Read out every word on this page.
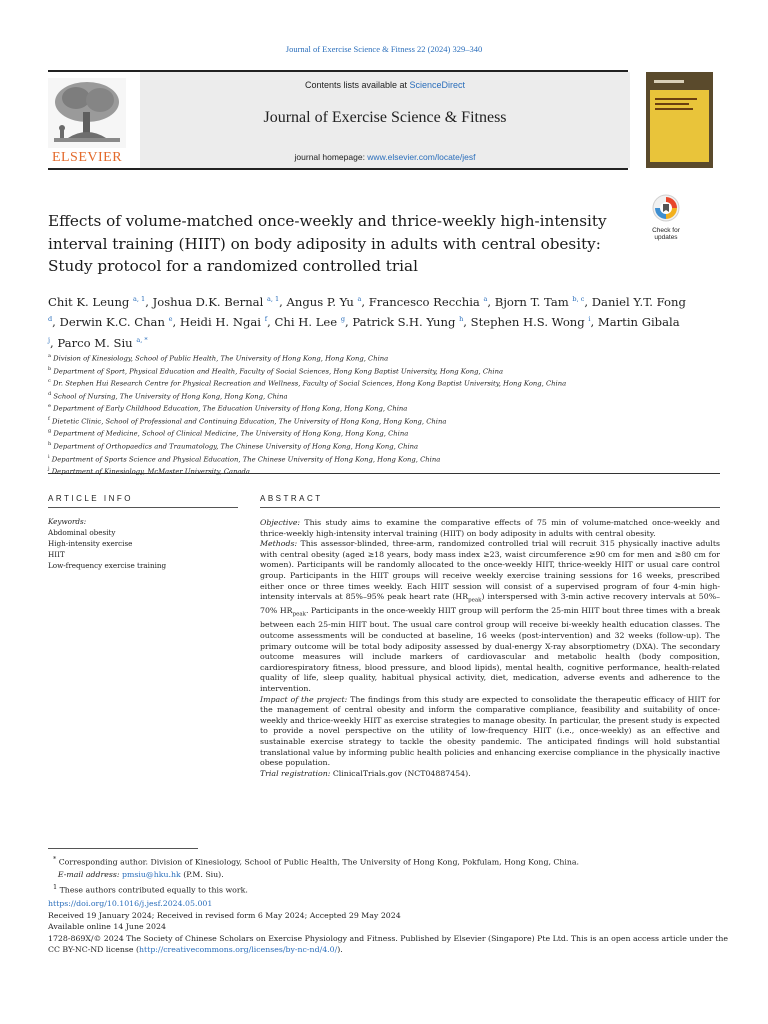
Journal of Exercise Science & Fitness 22 (2024) 329–340
Contents lists available at ScienceDirect
Journal of Exercise Science & Fitness
journal homepage: www.elsevier.com/locate/jesf
ELSEVIER
Effects of volume-matched once-weekly and thrice-weekly high-intensity interval training (HIIT) on body adiposity in adults with central obesity: Study protocol for a randomized controlled trial
Check for
updates
Chit K. Leung $^{a, 1}$, Joshua D.K. Bernal $^{a, 1}$, Angus P. Yu $^a$, Francesco Recchia $^a$, Bjorn T. Tam $^{b, c}$, Daniel Y.T. Fong $^d$, Derwin K.C. Chan $^e$, Heidi H. Ngai $^f$, Chi H. Lee $^g$, Patrick S.H. Yung $^h$, Stephen H.S. Wong $^i$, Martin Gibala $^j$, Parco M. Siu $^{a, *}$
$^a$ Division of Kinesiology, School of Public Health, The University of Hong Kong, Hong Kong, China
$^b$ Department of Sport, Physical Education and Health, Faculty of Social Sciences, Hong Kong Baptist University, Hong Kong, China
$^c$ Dr. Stephen Hui Research Centre for Physical Recreation and Wellness, Faculty of Social Sciences, Hong Kong Baptist University, Hong Kong, China
$^d$ School of Nursing, The University of Hong Kong, Hong Kong, China
$^e$ Department of Early Childhood Education, The Education University of Hong Kong, Hong Kong, China
$^f$ Dietetic Clinic, School of Professional and Continuing Education, The University of Hong Kong, Hong Kong, China
$^g$ Department of Medicine, School of Clinical Medicine, The University of Hong Kong, Hong Kong, China
$^h$ Department of Orthopaedics and Traumatology, The Chinese University of Hong Kong, Hong Kong, China
$^i$ Department of Sports Science and Physical Education, The Chinese University of Hong Kong, Hong Kong, China
$^j$ Department of Kinesiology, McMaster University, Canada
ARTICLE INFO
Keywords:
Abdominal obesity
High-intensity exercise
HIIT
Low-frequency exercise training
ABSTRACT

Objective: This study aims to examine the comparative effects of 75 min of volume-matched once-weekly and thrice-weekly high-intensity interval training (HIIT) on body adiposity in adults with central obesity.

Methods: This assessor-blinded, three-arm, randomized controlled trial will recruit 315 physically inactive adults with central obesity (aged ≥18 years, body mass index ≥23, waist circumference ≥90 cm for men and ≥80 cm for women). Participants will be randomly allocated to the once-weekly HIIT, thrice-weekly HIIT or usual care control group. Participants in the HIIT groups will receive weekly exercise training sessions for 16 weeks, prescribed either once or three times weekly. Each HIIT session will consist of a supervised program of four 4-min high-intensity intervals at 85%–95% peak heart rate $(HR_{peak})$ interspersed with 3-min active recovery intervals at 50%–70% $HR_{peak}$. Participants in the once-weekly HIIT group will perform the 25-min HIIT bout three times with a break between each 25-min HIIT bout. The usual care control group will receive bi-weekly health education classes. The outcome assessments will be conducted at baseline, 16 weeks (post-intervention) and 32 weeks (follow-up). The primary outcome will be total body adiposity assessed by dual-energy X-ray absorptiometry (DXA). The secondary outcome measures will include markers of cardiovascular and metabolic health (body composition, cardiorespiratory fitness, blood pressure, and blood lipids), mental health, cognitive performance, health-related quality of life, sleep quality, habitual physical activity, diet, medication, adverse events and adherence to the intervention.

Impact of the project: The findings from this study are expected to consolidate the therapeutic efficacy of HIIT for the management of central obesity and inform the comparative compliance, feasibility and suitability of once-weekly and thrice-weekly HIIT as exercise strategies to manage obesity. In particular, the present study is expected to provide a novel perspective on the utility of low-frequency HIIT (i.e., once-weekly) as an effective and sustainable exercise strategy to tackle the obesity pandemic. The anticipated findings will hold substantial translational value by informing public health policies and enhancing exercise compliance in the physically inactive obese population.

Trial registration: ClinicalTrials.gov (NCT04887454).

* Corresponding author. Division of Kinesiology, School of Public Health, The University of Hong Kong, Pokfulam, Hong Kong, China.
E-mail address: pmsiu@hku.hk (P.M. Siu).
$^1$ These authors contributed equally to this work.
https://doi.org/10.1016/j.jesf.2024.05.001
Received 19 January 2024; Received in revised form 6 May 2024; Accepted 29 May 2024
Available online 14 June 2024
1728-869X/© 2024 The Society of Chinese Scholars on Exercise Physiology and Fitness. Published by Elsevier (Singapore) Pte Ltd. This is an open access article under the CC BY-NC-ND license (http://creativecommons.org/licenses/by-nc-nd/4.0/).
